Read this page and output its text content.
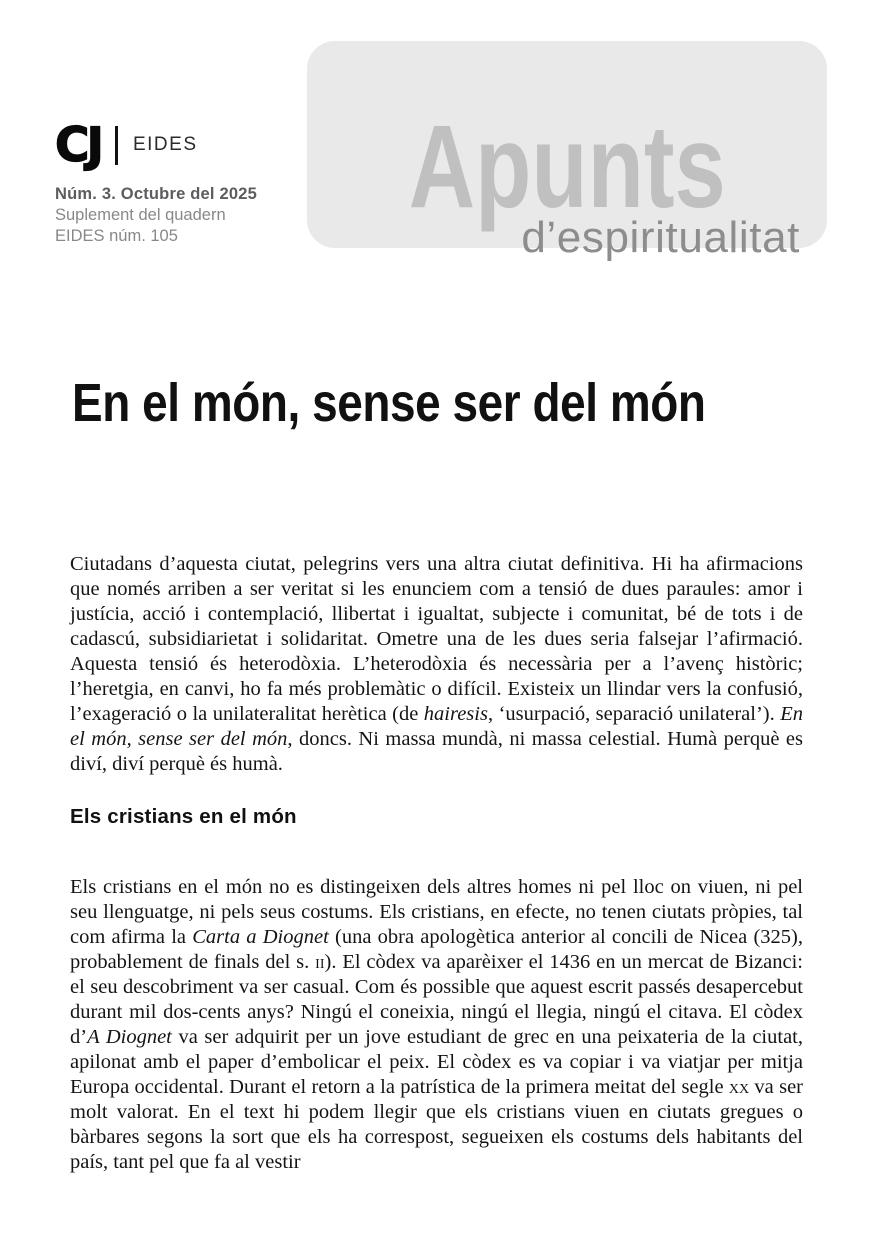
CJ EIDES
Núm. 3. Octubre del 2025
Suplement del quadern
EIDES núm. 105
Apunts
d’espiritualitat
En el món, sense ser del món

Ciutadans d’aquesta ciutat, pelegrins vers una altra ciutat definitiva. Hi ha afirmacions que només arriben a ser veritat si les enunciem com a tensió de dues paraules: amor i justícia, acció i contemplació, llibertat i igualtat, subjecte i comunitat, bé de tots i de cadascú, subsidiarietat i solidaritat. Ometre una de les dues seria falsejar l’afirmació. Aquesta tensió és heterodòxia. L’heterodòxia és necessària per a l’avenç històric; l’heretgia, en canvi, ho fa més problemàtic o difícil. Existeix un llindar vers la confusió, l’exageració o la unilateralitat herètica (de hairesis, ‘usurpació, separació unilateral’). En el món, sense ser del món, doncs. Ni massa mundà, ni massa celestial. Humà perquè es diví, diví perquè és humà.

Els cristians en el món

Els cristians en el món no es distingeixen dels altres homes ni pel lloc on viuen, ni pel seu llenguatge, ni pels seus costums. Els cristians, en efecte, no tenen ciutats pròpies, tal com afirma la Carta a Diognet (una obra apologètica anterior al concili de Nicea (325), probablement de finals del s. ii). El còdex va aparèixer el 1436 en un mercat de Bizanci: el seu descobriment va ser casual. Com és possible que aquest escrit passés desapercebut durant mil dos-cents anys? Ningú el coneixia, ningú el llegia, ningú el citava. El còdex d’A Diognet va ser adquirit per un jove estudiant de grec en una peixateria de la ciutat, apilonat amb el paper d’embolicar el peix. El còdex es va copiar i va viatjar per mitja Europa occidental. Durant el retorn a la patrística de la primera meitat del segle xx va ser molt valorat. En el text hi podem llegir que els cristians viuen en ciutats gregues o bàrbares segons la sort que els ha correspost, segueixen els costums dels habitants del país, tant pel que fa al vestir
